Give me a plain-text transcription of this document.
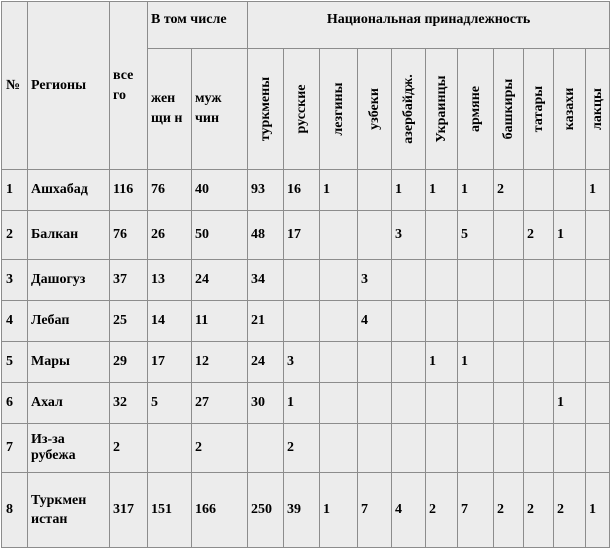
№	Регионы	все го	В том числе		Национальная принадлежность										
			жен щи н	муж чин	туркмены	русские	лезгины	узбеки	азербайдж.	Украинцы	армяне	башкиры	татары	казахи	лакцы

1	Ашхабад	116	76	40	93	16	1		1	1	1	2			1
2	Балкан	76	26	50	48	17			3		5		2	1	
3	Дашогуз	37	13	24	34			3							
4	Лебап	25	14	11	21			4							
5	Мары	29	17	12	24	3				1	1				
6	Ахал	32	5	27	30	1								1	
7	Из-за рубежа	2		2		2									
8	Туркмен истан	317	151	166	250	39	1	7	4	2	7	2	2	2	1
